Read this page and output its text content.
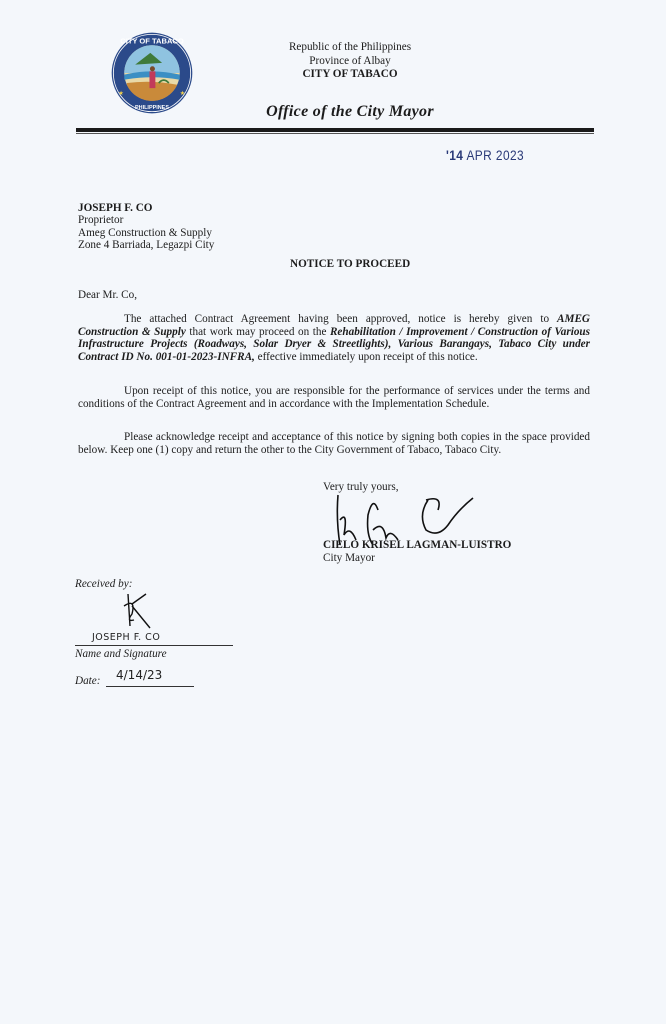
CITY OF TABACO
PHILIPPINES
★	★
Republic of the Philippines
Province of Albay
CITY OF TABACO
Office of the City Mayor
'14 APR 2023
JOSEPH F. CO
Proprietor
Ameg Construction & Supply
Zone 4 Barriada, Legazpi City
NOTICE TO PROCEED
Dear Mr. Co,
The attached Contract Agreement having been approved, notice is hereby given to AMEG Construction & Supply that work may proceed on the Rehabilitation / Improvement / Construction of Various Infrastructure Projects (Roadways, Solar Dryer & Streetlights), Various Barangays, Tabaco City under Contract ID No. 001-01-2023-INFRA, effective immediately upon receipt of this notice.
Upon receipt of this notice, you are responsible for the performance of services under the terms and conditions of the Contract Agreement and in accordance with the Implementation Schedule.
Please acknowledge receipt and acceptance of this notice by signing both copies in the space provided below. Keep one (1) copy and return the other to the City Government of Tabaco, Tabaco City.
Very truly yours,
CIELO KRISEL LAGMAN-LUISTRO
City Mayor
Received by:
JOSEPH F. CO
Name and Signature
Date: 4/14/23
